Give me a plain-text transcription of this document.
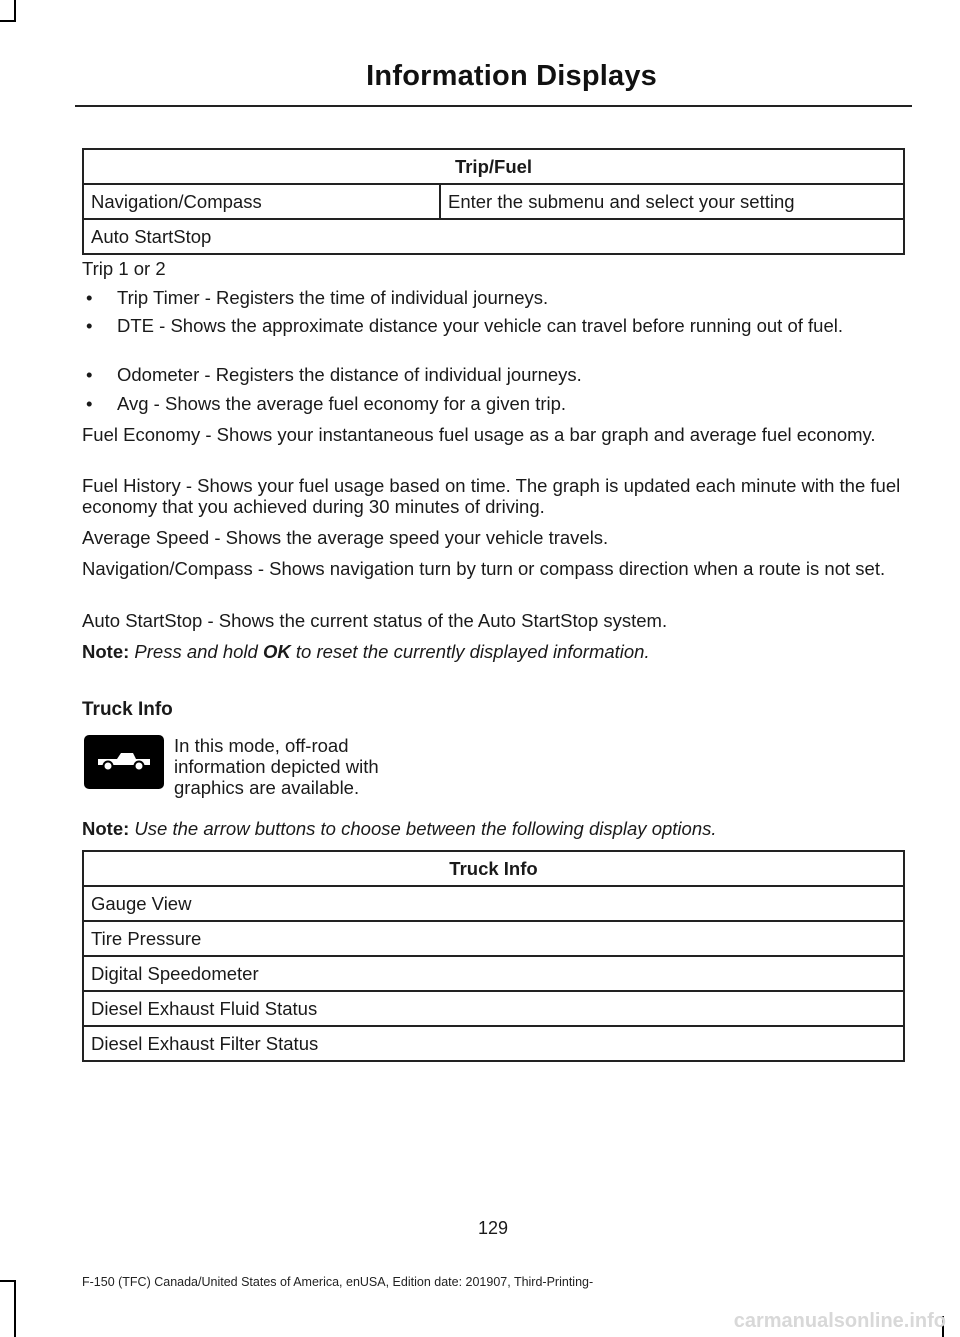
Information Displays
Trip/Fuel
Navigation/Compass	Enter the submenu and select your setting
Auto StartStop
Trip 1 or 2
• Trip Timer - Registers the time of individual journeys.
• DTE - Shows the approximate distance your vehicle can travel before running out of fuel.
• Odometer - Registers the distance of individual journeys.
• Avg - Shows the average fuel economy for a given trip.
Fuel Economy - Shows your instantaneous fuel usage as a bar graph and average fuel economy.
Fuel History - Shows your fuel usage based on time. The graph is updated each minute with the fuel economy that you achieved during 30 minutes of driving.
Average Speed - Shows the average speed your vehicle travels.
Navigation/Compass - Shows navigation turn by turn or compass direction when a route is not set.
Auto StartStop - Shows the current status of the Auto StartStop system.
Note: Press and hold OK to reset the currently displayed information.
Truck Info
In this mode, off-road information depicted with graphics are available.
Note: Use the arrow buttons to choose between the following display options.
Truck Info
Gauge View
Tire Pressure
Digital Speedometer
Diesel Exhaust Fluid Status
Diesel Exhaust Filter Status
129
F-150 (TFC) Canada/United States of America, enUSA, Edition date: 201907, Third-Printing-
carmanualsonline.info
